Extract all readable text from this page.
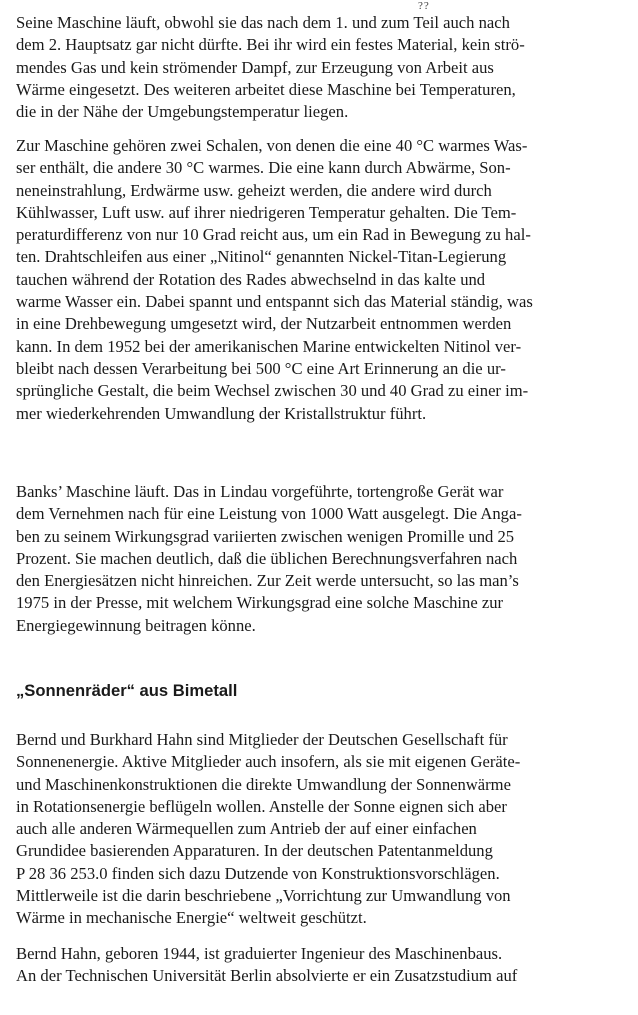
??

Seine Maschine läuft, obwohl sie das nach dem 1. und zum Teil auch nach
dem 2. Hauptsatz gar nicht dürfte. Bei ihr wird ein festes Material, kein strö-
mendes Gas und kein strömender Dampf, zur Erzeugung von Arbeit aus
Wärme eingesetzt. Des weiteren arbeitet diese Maschine bei Temperaturen,
die in der Nähe der Umgebungstemperatur liegen.

Zur Maschine gehören zwei Schalen, von denen die eine 40 °C warmes Was-
ser enthält, die andere 30 °C warmes. Die eine kann durch Abwärme, Son-
neneinstrahlung, Erdwärme usw. geheizt werden, die andere wird durch
Kühlwasser, Luft usw. auf ihrer niedrigeren Temperatur gehalten. Die Tem-
peraturdifferenz von nur 10 Grad reicht aus, um ein Rad in Bewegung zu hal-
ten. Drahtschleifen aus einer „Nitinol“ genannten Nickel-Titan-Legierung
tauchen während der Rotation des Rades abwechselnd in das kalte und
warme Wasser ein. Dabei spannt und entspannt sich das Material ständig, was
in eine Drehbewegung umgesetzt wird, der Nutzarbeit entnommen werden
kann. In dem 1952 bei der amerikanischen Marine entwickelten Nitinol ver-
bleibt nach dessen Verarbeitung bei 500 °C eine Art Erinnerung an die ur-
sprüngliche Gestalt, die beim Wechsel zwischen 30 und 40 Grad zu einer im-
mer wiederkehrenden Umwandlung der Kristallstruktur führt.

Banks’ Maschine läuft. Das in Lindau vorgeführte, tortengroße Gerät war
dem Vernehmen nach für eine Leistung von 1000 Watt ausgelegt. Die Anga-
ben zu seinem Wirkungsgrad variierten zwischen wenigen Promille und 25
Prozent. Sie machen deutlich, daß die üblichen Berechnungsverfahren nach
den Energiesätzen nicht hinreichen. Zur Zeit werde untersucht, so las man’s
1975 in der Presse, mit welchem Wirkungsgrad eine solche Maschine zur
Energiegewinnung beitragen könne.

„Sonnenräder“ aus Bimetall

Bernd und Burkhard Hahn sind Mitglieder der Deutschen Gesellschaft für
Sonnenenergie. Aktive Mitglieder auch insofern, als sie mit eigenen Geräte-
und Maschinenkonstruktionen die direkte Umwandlung der Sonnenwärme
in Rotationsenergie beflügeln wollen. Anstelle der Sonne eignen sich aber
auch alle anderen Wärmequellen zum Antrieb der auf einer einfachen
Grundidee basierenden Apparaturen. In der deutschen Patentanmeldung
P 28 36 253.0 finden sich dazu Dutzende von Konstruktionsvorschlägen.
Mittlerweile ist die darin beschriebene „Vorrichtung zur Umwandlung von
Wärme in mechanische Energie“ weltweit geschützt.

Bernd Hahn, geboren 1944, ist graduierter Ingenieur des Maschinenbaus.
An der Technischen Universität Berlin absolvierte er ein Zusatzstudium auf
